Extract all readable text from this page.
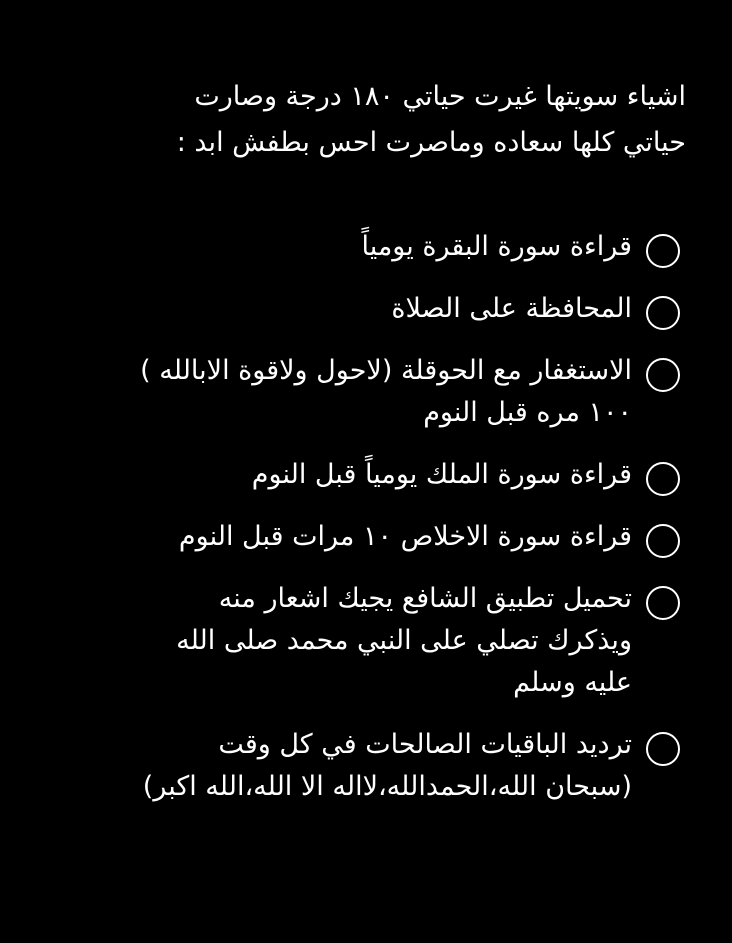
اشياء سويتها غيرت حياتي ١٨٠ درجة وصارت
حياتي كلها سعاده وماصرت احس بطفش ابد :
قراءة سورة البقرة يومياً
المحافظة على الصلاة
الاستغفار مع الحوقلة (لاحول ولاقوة الابالله )
١٠٠ مره قبل النوم
قراءة سورة الملك يومياً قبل النوم
قراءة سورة الاخلاص ١٠ مرات قبل النوم
تحميل تطبيق الشافع يجيك اشعار منه
ويذكرك تصلي على النبي محمد صلى الله
عليه وسلم
ترديد الباقيات الصالحات في كل وقت
(سبحان الله،الحمدالله،لااله الا الله،الله اكبر)
